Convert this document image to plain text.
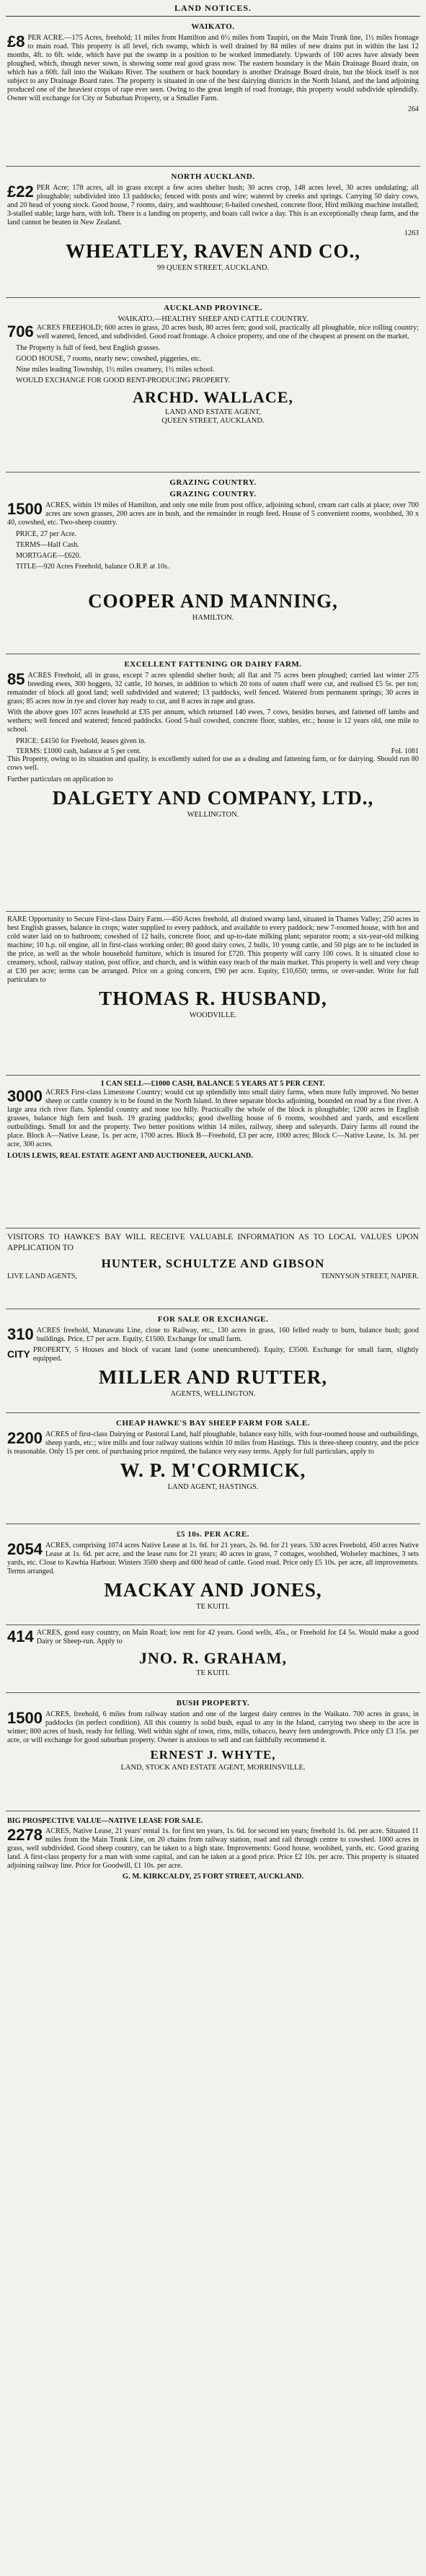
LAND NOTICES.
WAIKATO.

£8 PER ACRE.—175 Acres, freehold; 11 miles from Hamilton and 6½ miles from Taupiri, on the Main Trunk line, 1½ miles frontage to main road. This property is all level, rich swamp, which is well drained by 84 miles of new drains put in within the last 12 months, 4ft. to 6ft. wide, which have put the swamp in a position to be worked immediately. Upwards of 100 acres have already been ploughed, which, though never sown, is showing some real good grass now. The eastern boundary is the Main Drainage Board drain, on which has a 60ft. fall into the Waikato River. The southern or back boundary is another Drainage Board drain, but the block itself is not subject to any Drainage Board rates. The property is situated in one of the best dairying districts in the North Island, and the land adjoining produced one of the heaviest crops of rape ever seen. Owing to the great length of road frontage, this property would subdivide splendidly. Owner will exchange for City or Suburban Property, or a Smaller Farm.

264
NORTH AUCKLAND.

£22 PER Acre; 178 acres, all in grass except a few acres shelter bush; 30 acres crop, 148 acres level, 30 acres undulating; all ploughable; subdivided into 13 paddocks; fenced with posts and wire; watered by creeks and springs. Carrying 50 dairy cows, and 20 head of young stock. Good house, 7 rooms, dairy, and washhouse; 6-bailed cowshed, concrete floor, Hird milking machine installed; 3-stalled stable; large barn, with loft. There is a landing on property, and boats call twice a day. This is an exceptionally cheap farm, and the land cannot be beaten in New Zealand.

1263
WHEATLEY, RAVEN AND CO.,
99 QUEEN STREET, AUCKLAND.
AUCKLAND PROVINCE.
WAIKATO.—HEALTHY SHEEP AND CATTLE COUNTRY.

706 ACRES FREEHOLD; 600 acres in grass, 20 acres bush, 80 acres fern; good soil, practically all ploughable, nice rolling country; well watered, fenced, and subdivided. Good road frontage. A choice property, and one of the cheapest at present on the market.

The Property is full of feed, best English grasses.
GOOD HOUSE, 7 rooms, nearly new; cowshed, piggeries, etc.
Nine miles leading Township, 1½ miles creamery, 1½ miles school.
WOULD EXCHANGE FOR GOOD RENT-PRODUCING PROPERTY.
ARCHD. WALLACE,
LAND AND ESTATE AGENT,
QUEEN STREET, AUCKLAND.
GRAZING COUNTRY.
GRAZING COUNTRY.

1500 ACRES, within 19 miles of Hamilton, and only one mile from post office, adjoining school, cream cart calls at place; over 700 acres are sown grasses, 200 acres are in bush, and the remainder in rough feed. House of 5 convenient rooms, woolshed, 30 x 40, cowshed, etc. Two-sheep country.

PRICE, 27 per Acre.
TERMS—Half Cash.
MORTGAGE—£620.
TITLE—920 Acres Freehold, balance O.R.P. at 10s.
COOPER AND MANNING,
HAMILTON.
EXCELLENT FATTENING OR DAIRY FARM.

85 ACRES Freehold, all in grass, except 7 acres splendid shelter bush; all flat and 75 acres been ploughed; carried last winter 275 breeding ewes, 300 hoggets, 32 cattle, 10 horses, in addition to which 20 tons of oaten chaff were cut, and realised £5 5s. per ton; remainder of block all good land; well subdivided and watered; 13 paddocks, well fenced. Watered from permanent springs; 30 acres in grass; 85 acres now in rye and clover hay ready to cut, and 8 acres in rape and grass.

With the above goes 107 acres leasehold at £35 per annum, which returned 140 ewes, 7 cows, besides horses, and fattened off lambs and wethers; well fenced and watered; fenced paddocks. Good 5-bail cowshed, concrete floor, stables, etc.; house is 12 years old, one mile to school.

PRICE: £4150 for Freehold, leases given in.
TERMS: £1000 cash, balance at 5 per cent.	Fol. 1081

This Property, owing to its situation and quality, is excellently suited for use as a dealing and fattening farm, or for dairying. Should run 80 cows well.

Further particulars on application to
DALGETY AND COMPANY, LTD.,
WELLINGTON.

RARE Opportunity to Secure First-class Dairy Farm.—450 Acres freehold, all drained swamp land, situated in Thames Valley; 250 acres in best English grasses, balance in crops; water supplied to every paddock, and available to every paddock; new 7-roomed house, with hot and cold water laid on to bathroom; cowshed of 12 bails, concrete floor, and up-to-date milking plant; separator room; a six-year-old milking machine; 10 h.p. oil engine, all in first-class working order; 80 good dairy cows, 2 bulls, 10 young cattle, and 50 pigs are to be included in the price, as well as the whole household furniture, which is insured for £720. This property will carry 100 cows. It is situated close to creamery, school, railway station, post office, and church, and is within easy reach of the main market. This property is well and very cheap at £30 per acre; terms can be arranged. Price on a going concern, £90 per acre. Equity, £10,650; terms, or over-under. Write for full particulars to

THOMAS R. HUSBAND,
WOODVILLE.
I CAN SELL—£1000 CASH, BALANCE 5 YEARS AT 5 PER CENT.

3000 ACRES First-class Limestone Country; would cut up splendidly into small dairy farms, when more fully improved. No better sheep or cattle country is to be found in the North Island. In three separate blocks adjoining, bounded on road by a fine river. A large area rich river flats. Splendid country and none too hilly. Practically the whole of the block is ploughable; 1200 acres in English grasses, balance high fern and bush. 19 grazing paddocks; good dwelling house of 6 rooms, woolshed and yards, and excellent outbuildings. Small lot and the property. Two better positions within 14 miles, railway, sheep and saleyards. Dairy farms all round the place. Block A—Native Lease, 1s. per acre, 1700 acres. Block B—Freehold, £3 per acre, 1000 acres; Block C—Native Lease, 1s. 3d. per acre, 300 acres.

LOUIS LEWIS, REAL ESTATE AGENT AND AUCTIONEER, AUCKLAND.

VISITORS TO HAWKE'S BAY WILL RECEIVE VALUABLE INFORMATION AS TO LOCAL VALUES UPON APPLICATION TO

HUNTER, SCHULTZE AND GIBSON
LIVE LAND AGENTS,	TENNYSON STREET, NAPIER.
FOR SALE OR EXCHANGE.

310 ACRES freehold, Manawatu Line, close to Railway, etc., 130 acres in grass, 160 felled ready to burn, balance bush; good buildings. Price, £7 per acre. Equity, £1500. Exchange for small farm.

CITY PROPERTY, 5 Houses and block of vacant land (some unencumbered). Equity, £3500. Exchange for small farm, slightly equipped.

MILLER AND RUTTER,
AGENTS, WELLINGTON.
CHEAP HAWKE'S BAY SHEEP FARM FOR SALE.

2200 ACRES of first-class Dairying or Pastoral Land, half ploughable, balance easy hills, with four-roomed house and outbuildings, sheep yards, etc.; wire mills and four railway stations within 10 miles from Hastings. This is three-sheep country, and the price is reasonable. Only 15 per cent. of purchasing price required, the balance very easy terms. Apply for full particulars, apply to

W. P. M'CORMICK,
LAND AGENT, HASTINGS.
£5 10s. PER ACRE.

2054 ACRES, comprising 1074 acres Native Lease at 1s. 6d. for 21 years, 2s. 6d. for 21 years. 530 acres Freehold, 450 acres Native Lease at 1s. 6d. per acre, and the lease runs for 21 years; 40 acres in grass, 7 cottages, woolshed, Wolseley machines, 3 sets yards, etc. Close to Kawhia Harbour. Winters 3500 sheep and 600 head of cattle. Good road. Price only £5 10s. per acre, all improvements. Terms arranged.

MACKAY AND JONES,
TE KUITI.

414 ACRES, good easy country, on Main Road; low rent for 42 years. Good wells, 45s., or Freehold for £4 5s. Would make a good Dairy or Sheep-run. Apply to

JNO. R. GRAHAM,
TE KUITI.
BUSH PROPERTY.

1500 ACRES, freehold, 6 miles from railway station and one of the largest dairy centres in the Waikato. 700 acres in grass, in paddocks (in perfect condition). All this country is solid bush, equal to any in the Island, carrying two sheep to the acre in winter; 800 acres of bush, ready for felling. Well within sight of town, rims, mills, tobacco, heavy fern undergrowth. Price only £3 15s. per acre, or will exchange for good suburban property. Owner is anxious to sell and can faithfully recommend it.

ERNEST J. WHYTE,
LAND, STOCK AND ESTATE AGENT, MORRINSVILLE.
BIG PROSPECTIVE VALUE—NATIVE LEASE FOR SALE.

2278 ACRES, Native Lease, 21 years' rental 1s. for first ten years, 1s. 6d. for second ten years; freehold 1s. 6d. per acre. Situated 11 miles from the Main Trunk Line, on 20 chains from railway station, road and rail through centre to cowshed. 1000 acres in grass, well subdivided. Good sheep country, can be taken to a high state. Improvements: Good house, woolshed, yards, etc. Good grazing land. A first-class property for a man with some capital, and can be taken at a good price. Price £2 10s. per acre. This property is situated adjoining railway line. Price for Goodwill, £1 10s. per acre.

G. M. KIRKCALDY, 25 FORT STREET, AUCKLAND.
